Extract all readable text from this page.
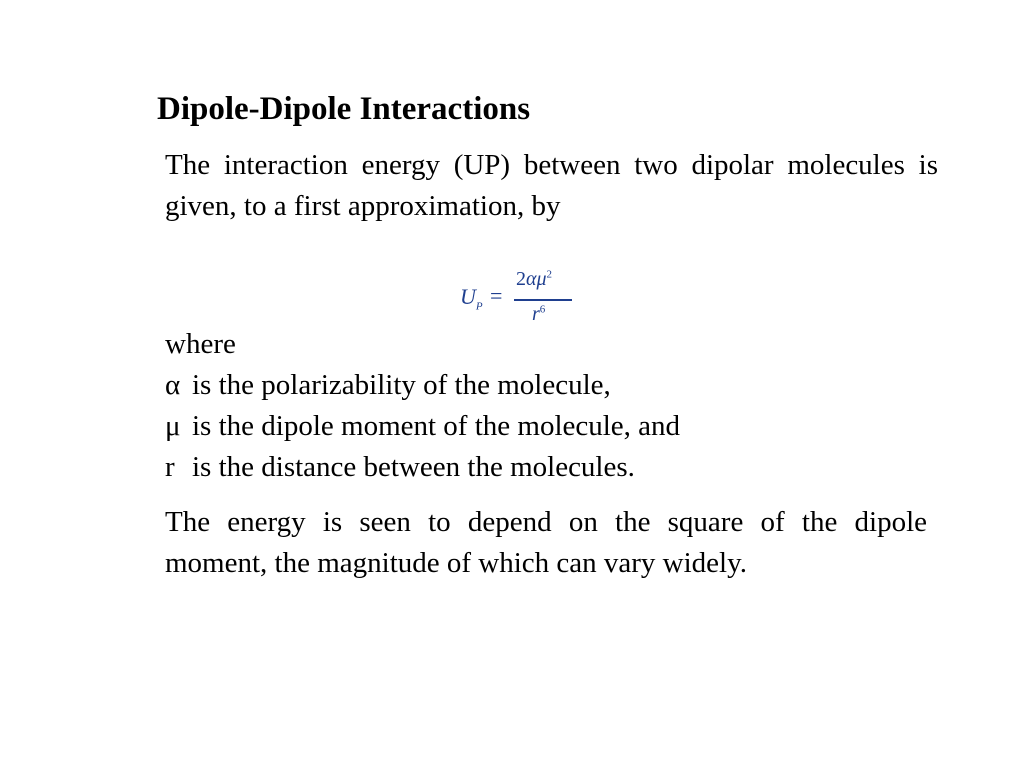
Dipole-Dipole Interactions
The interaction energy (UP) between two dipolar molecules is given, to a first approximation, by
$U_P$ =
$2\alpha\mu^2$
$r^6$
where
α is the polarizability of the molecule,
μ is the dipole moment of the molecule, and
r is the distance between the molecules.
The energy is seen to depend on the square of the dipole moment, the magnitude of which can vary widely.
